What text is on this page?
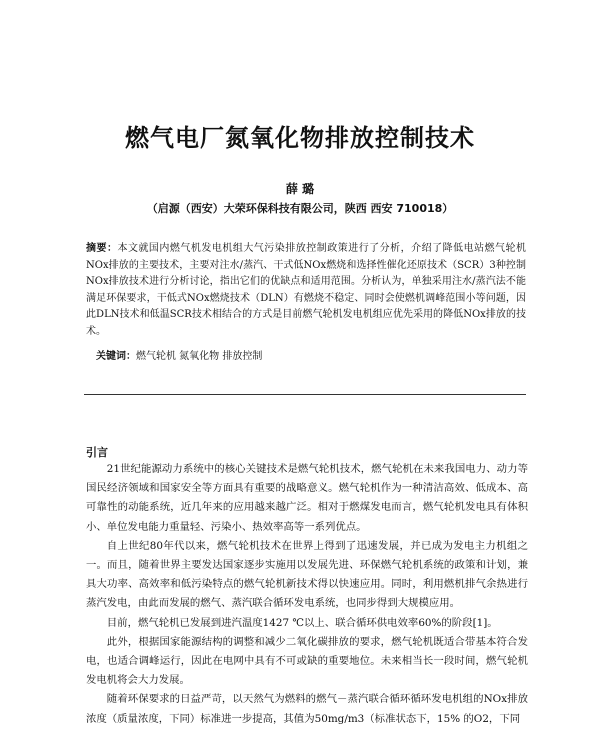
燃气电厂氮氧化物排放控制技术
薛 璐
（启源（西安）大荣环保科技有限公司，陕西 西安 710018）
摘要：本文就国内燃气机发电机组大气污染排放控制政策进行了分析，介绍了降低电站燃气轮机NOx排放的主要技术，主要对注水/蒸汽、干式低NOx燃烧和选择性催化还原技术（SCR）3种控制NOx排放技术进行分析讨论，指出它们的优缺点和适用范围。分析认为，单独采用注水/蒸汽法不能满足环保要求，干低式NOx燃烧技术（DLN）有燃烧不稳定、同时会使燃机调峰范围小等问题，因此DLN技术和低温SCR技术相结合的方式是目前燃气轮机发电机组应优先采用的降低NOx排放的技术。
关键词：燃气轮机 氮氧化物 排放控制
引言

21世纪能源动力系统中的核心关键技术是燃气轮机技术，燃气轮机在未来我国电力、动力等国民经济领域和国家安全等方面具有重要的战略意义。燃气轮机作为一种清洁高效、低成本、高可靠性的动能系统，近几年来的应用越来越广泛。相对于燃煤发电而言，燃气轮机发电具有体积小、单位发电能力重量轻、污染小、热效率高等一系列优点。

自上世纪80年代以来，燃气轮机技术在世界上得到了迅速发展，并已成为发电主力机组之一。而且，随着世界主要发达国家逐步实施用以发展先进、环保燃气轮机系统的政策和计划，兼具大功率、高效率和低污染特点的燃气轮机新技术得以快速应用。同时，利用燃机排气余热进行蒸汽发电，由此而发展的燃气、蒸汽联合循环发电系统，也同步得到大规模应用。

目前，燃气轮机已发展到进汽温度1427 ℃以上、联合循环供电效率60%的阶段[1]。

此外，根据国家能源结构的调整和减少二氧化碳排放的要求，燃气轮机既适合带基本符合发电，也适合调峰运行，因此在电网中具有不可或缺的重要地位。未来相当长一段时间，燃气轮机发电机将会大力发展。

随着环保要求的日益严苛，以天然气为燃料的燃气－蒸汽联合循环循环发电机组的NOx排放浓度（质量浓度，下同）标准进一步提高，其值为50mg/m3（标准状态下，15% 的O2，下同
